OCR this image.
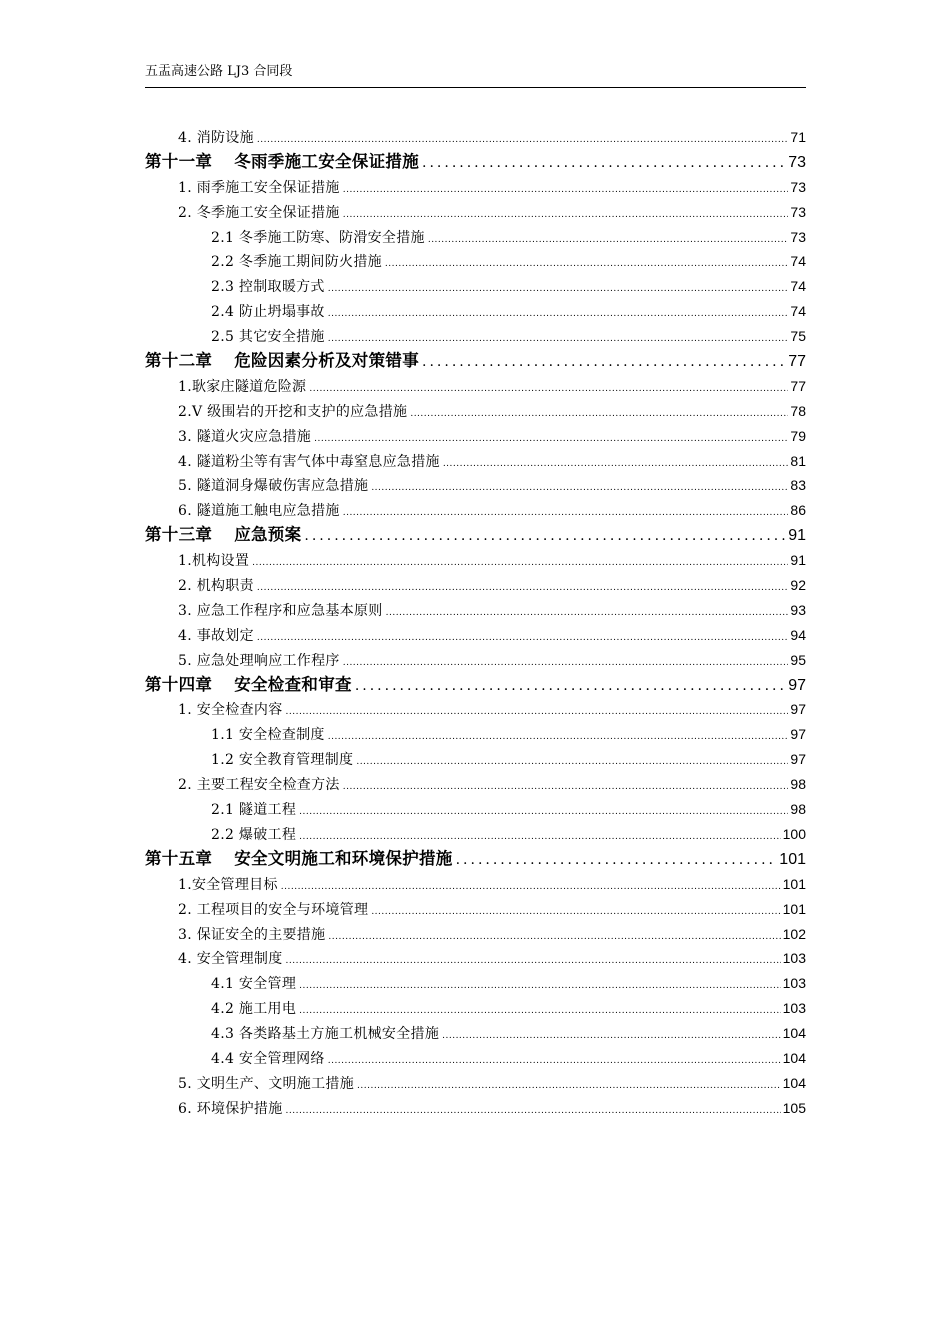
五盂高速公路 LJ3 合同段
4. 消防设施 .....	71
第十一章 冬雨季施工安全保证措施 .....	73
1. 雨季施工安全保证措施 .....	73
2. 冬季施工安全保证措施 .....	73
2.1 冬季施工防寒、防滑安全措施 .....	73
2.2 冬季施工期间防火措施 .....	74
2.3 控制取暖方式 .....	74
2.4 防止坍塌事故 .....	74
2.5 其它安全措施 .....	75
第十二章 危险因素分析及对策错事 .....	77
1.耿家庄隧道危险源 .....	77
2.V 级围岩的开挖和支护的应急措施 .....	78
3. 隧道火灾应急措施 .....	79
4. 隧道粉尘等有害气体中毒窒息应急措施 .....	81
5. 隧道洞身爆破伤害应急措施 .....	83
6. 隧道施工触电应急措施 .....	86
第十三章 应急预案 .....	91
1.机构设置 .....	91
2. 机构职责 .....	92
3. 应急工作程序和应急基本原则 .....	93
4. 事故划定 .....	94
5. 应急处理响应工作程序 .....	95
第十四章 安全检查和审查 .....	97
1. 安全检查内容 .....	97
1.1 安全检查制度 .....	97
1.2 安全教育管理制度 .....	97
2. 主要工程安全检查方法 .....	98
2.1 隧道工程 .....	98
2.2 爆破工程 .....	100
第十五章 安全文明施工和环境保护措施 .....	101
1.安全管理目标 .....	101
2. 工程项目的安全与环境管理 .....	101
3. 保证安全的主要措施 .....	102
4. 安全管理制度 .....	103
4.1 安全管理 .....	103
4.2 施工用电 .....	103
4.3 各类路基土方施工机械安全措施 .....	104
4.4 安全管理网络 .....	104
5. 文明生产、文明施工措施 .....	104
6. 环境保护措施 .....	105
